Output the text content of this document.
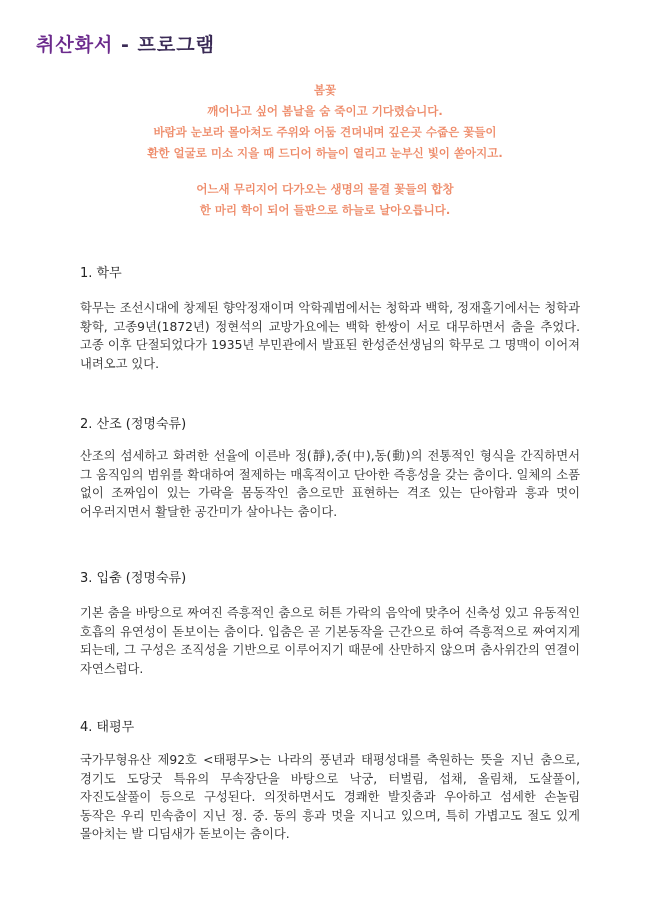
취산화서 - 프로그램
봄꽃
깨어나고 싶어 봄날을 숨 죽이고 기다렸습니다.
바람과 눈보라 몰아쳐도 주위와 어둠 견뎌내며 깊은곳 수줍은 꽃들이
환한 얼굴로 미소 지을 때 드디어 하늘이 열리고 눈부신 빛이 쏟아지고.
어느새 무리지어 다가오는 생명의 물결 꽃들의 합창
한 마리 학이 되어 들판으로 하늘로 날아오릅니다.
1. 학무

학무는 조선시대에 창제된 향악정재이며 악학궤범에서는 청학과 백학, 정재홀기에서는 청학과 황학, 고종9년(1872년) 정현석의 교방가요에는 백학 한쌍이 서로 대무하면서 춤을 추었다. 고종 이후 단절되었다가 1935년 부민관에서 발표된 한성준선생님의 학무로 그 명맥이 이어져 내려오고 있다.

2. 산조 (정명숙류)

산조의 섬세하고 화려한 선율에 이른바 정(靜),중(中),동(動)의 전통적인 형식을 간직하면서 그 움직임의 범위를 확대하여 절제하는 매혹적이고 단아한 즉흥성을 갖는 춤이다. 일체의 소품 없이 조짜임이 있는 가락을 몸동작인 춤으로만 표현하는 격조 있는 단아함과 흥과 멋이 어우러지면서 활달한 공간미가 살아나는 춤이다.

3. 입춤 (정명숙류)

기본 춤을 바탕으로 짜여진 즉흥적인 춤으로 허튼 가락의 음악에 맞추어 신축성 있고 유동적인 호흡의 유연성이 돋보이는 춤이다. 입춤은 곧 기본동작을 근간으로 하여 즉흥적으로 짜여지게 되는데, 그 구성은 조직성을 기반으로 이루어지기 때문에 산만하지 않으며 춤사위간의 연결이 자연스럽다.

4. 태평무

국가무형유산 제92호 <태평무>는 나라의 풍년과 태평성대를 축원하는 뜻을 지닌 춤으로, 경기도 도당굿 특유의 무속장단을 바탕으로 낙궁, 터벌림, 섭채, 올림채, 도살풀이, 자진도살풀이 등으로 구성된다. 의젓하면서도 경쾌한 발짓춤과 우아하고 섬세한 손놀림 동작은 우리 민속춤이 지닌 정. 중. 동의 흥과 멋을 지니고 있으며, 특히 가볍고도 절도 있게 몰아치는 발 디딤새가 돋보이는 춤이다.
